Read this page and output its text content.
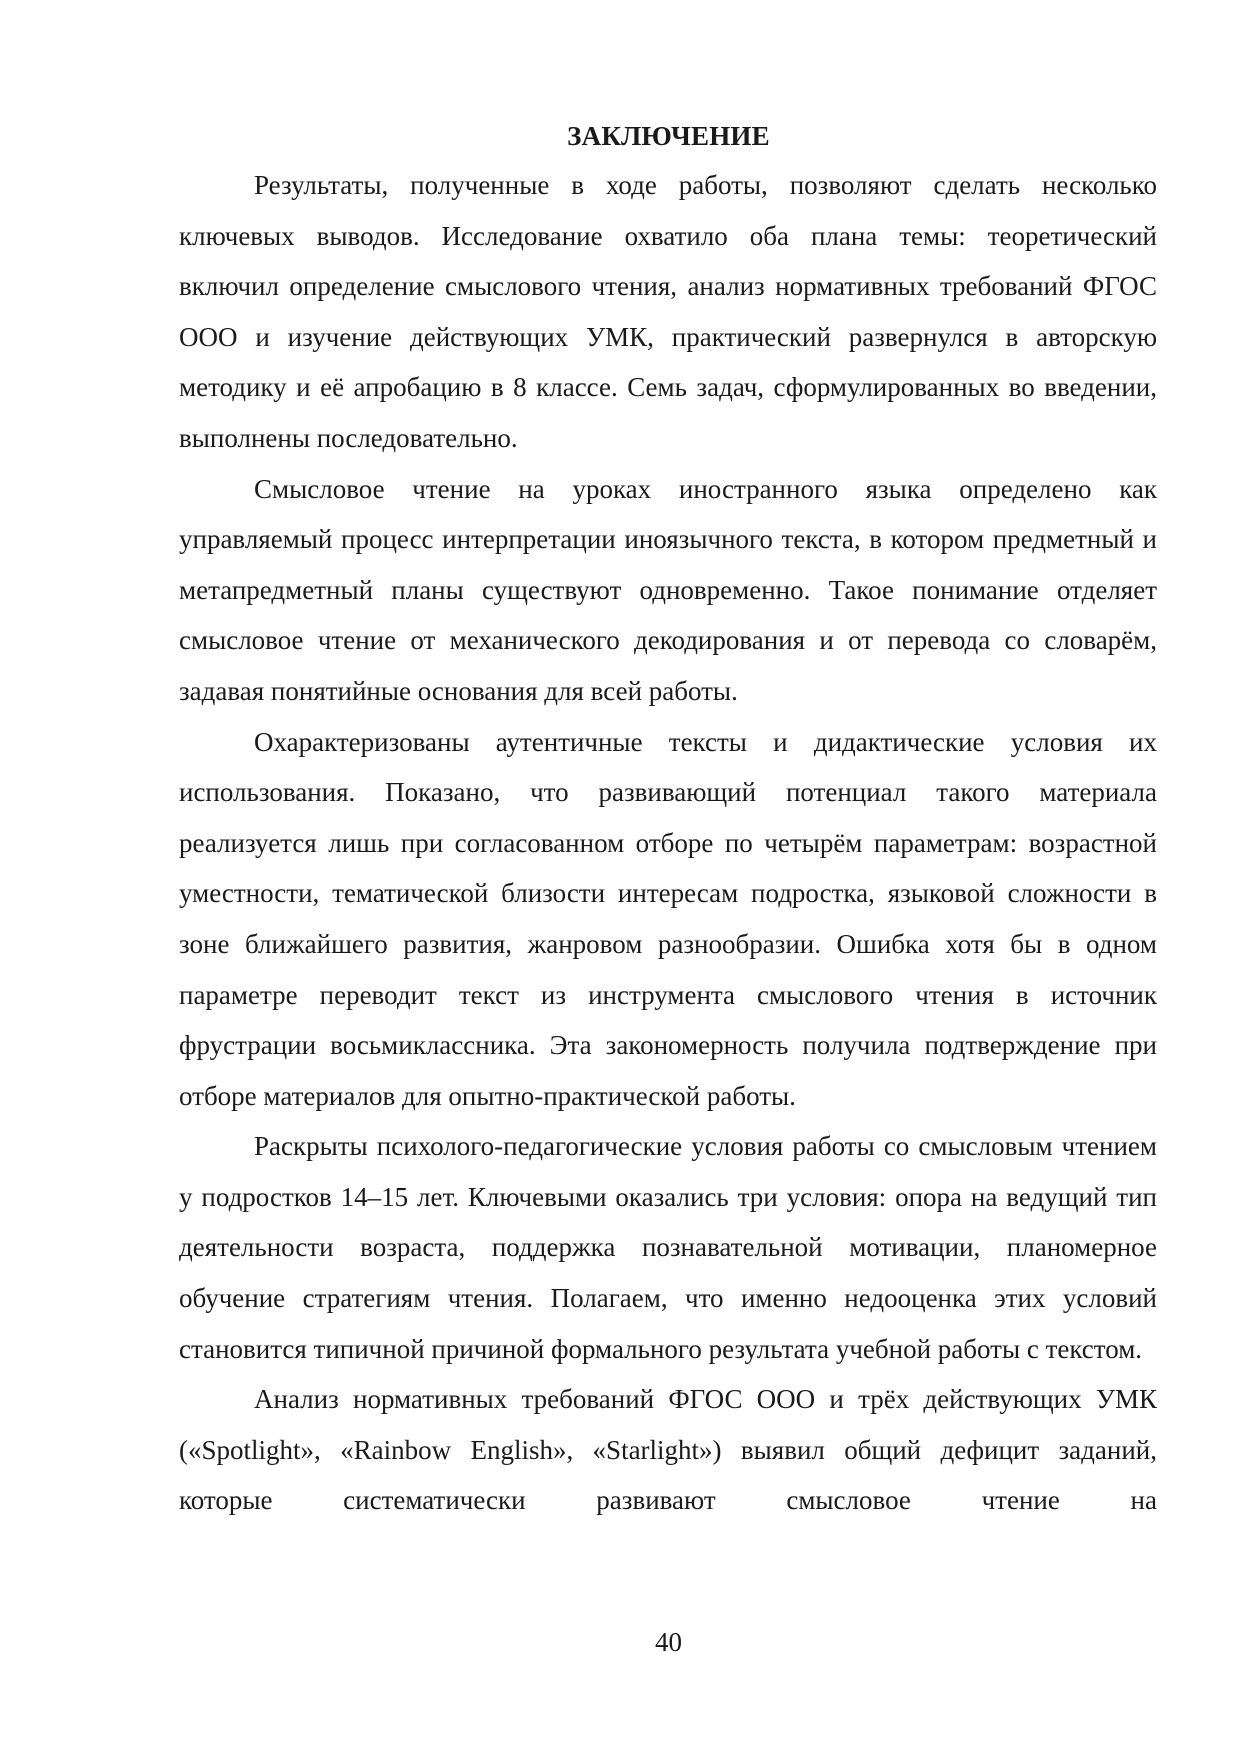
ЗАКЛЮЧЕНИЕ

Результаты, полученные в ходе работы, позволяют сделать несколько ключевых выводов. Исследование охватило оба плана темы: теоретический включил определение смыслового чтения, анализ нормативных требований ФГОС ООО и изучение действующих УМК, практический развернулся в авторскую методику и её апробацию в 8 классе. Семь задач, сформулированных во введении, выполнены последовательно.

Смысловое чтение на уроках иностранного языка определено как управляемый процесс интерпретации иноязычного текста, в котором предметный и метапредметный планы существуют одновременно. Такое понимание отделяет смысловое чтение от механического декодирования и от перевода со словарём, задавая понятийные основания для всей работы.

Охарактеризованы аутентичные тексты и дидактические условия их использования. Показано, что развивающий потенциал такого материала реализуется лишь при согласованном отборе по четырём параметрам: возрастной уместности, тематической близости интересам подростка, языковой сложности в зоне ближайшего развития, жанровом разнообразии. Ошибка хотя бы в одном параметре переводит текст из инструмента смыслового чтения в источник фрустрации восьмиклассника. Эта закономерность получила подтверждение при отборе материалов для опытно-практической работы.

Раскрыты психолого-педагогические условия работы со смысловым чтением у подростков 14–15 лет. Ключевыми оказались три условия: опора на ведущий тип деятельности возраста, поддержка познавательной мотивации, планомерное обучение стратегиям чтения. Полагаем, что именно недооценка этих условий становится типичной причиной формального результата учебной работы с текстом.

Анализ нормативных требований ФГОС ООО и трёх действующих УМК («Spotlight», «Rainbow English», «Starlight») выявил общий дефицит заданий, которые систематически развивают смысловое чтение на

40
